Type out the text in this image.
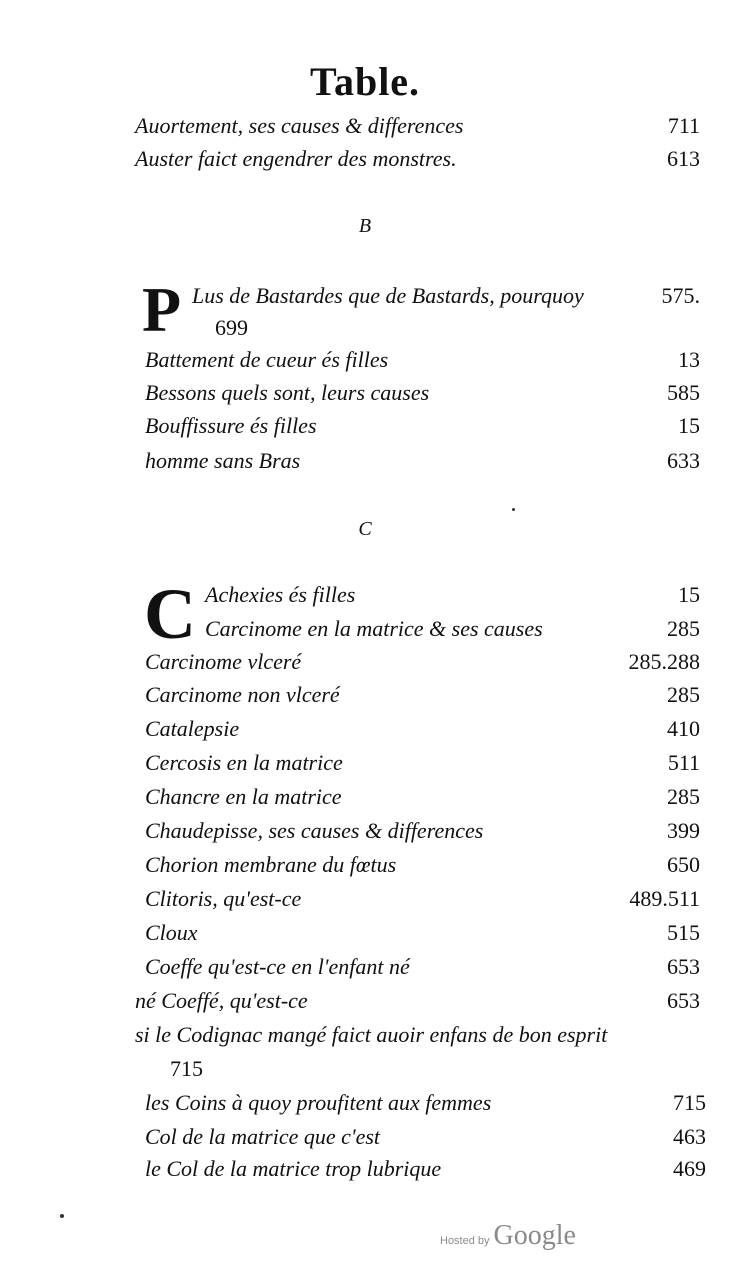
Table.
Auortement, ses causes & differences	711
Auster faict engendrer des monstres.	613
B
P Lus de Bastardes que de Bastards, pourquoy	575.
699
Battement de cueur és filles	13
Bessons quels sont, leurs causes	585
Bouffissure és filles	15
homme sans Bras	633
C
C Achexies és filles	15
Carcinome en la matrice & ses causes	285
Carcinome vlceré	285.288
Carcinome non vlceré	285
Catalepsie	410
Cercosis en la matrice	511
Chancre en la matrice	285
Chaudepisse, ses causes & differences	399
Chorion membrane du fœtus	650
Clitoris, qu'est-ce	489.511
Cloux	515
Coeffe qu'est-ce en l'enfant né	653
né Coeffé, qu'est-ce	653
si le Codignac mangé faict auoir enfans de bon esprit
715
les Coins à quoy proufitent aux femmes	715
Col de la matrice que c'est	463
le Col de la matrice trop lubrique	469
Hosted by Google
